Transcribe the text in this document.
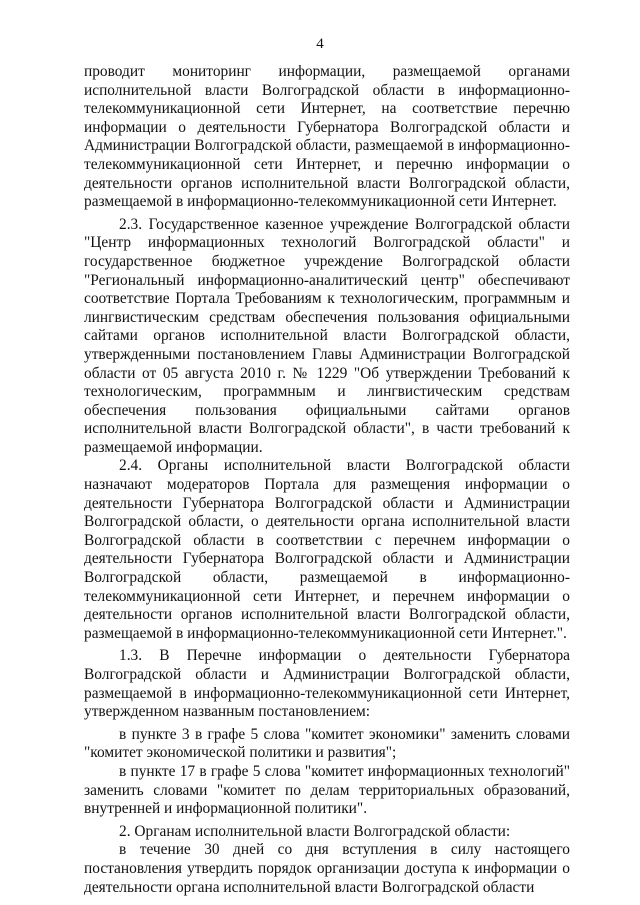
4

проводит мониторинг информации, размещаемой органами исполнительной власти Волгоградской области в информационно-телекоммуникационной сети Интернет, на соответствие перечню информации о деятельности Губернатора Волгоградской области и Администрации Волгоградской области, размещаемой в информационно-телекоммуникационной сети Интернет, и перечню информации о деятельности органов исполнительной власти Волгоградской области, размещаемой в информационно-телекоммуникационной сети Интернет.

2.3. Государственное казенное учреждение Волгоградской области "Центр информационных технологий Волгоградской области" и государственное бюджетное учреждение Волгоградской области "Региональный информационно-аналитический центр" обеспечивают соответствие Портала Требованиям к технологическим, программным и лингвистическим средствам обеспечения пользования официальными сайтами органов исполнительной власти Волгоградской области, утвержденными постановлением Главы Администрации Волгоградской области от 05 августа 2010 г. № 1229 "Об утверждении Требований к технологическим, программным и лингвистическим средствам обеспечения пользования официальными сайтами органов исполнительной власти Волгоградской области", в части требований к размещаемой информации.

2.4. Органы исполнительной власти Волгоградской области назначают модераторов Портала для размещения информации о деятельности Губернатора Волгоградской области и Администрации Волгоградской области, о деятельности органа исполнительной власти Волгоградской области в соответствии с перечнем информации о деятельности Губернатора Волгоградской области и Администрации Волгоградской области, размещаемой в информационно-телекоммуникационной сети Интернет, и перечнем информации о деятельности органов исполнительной власти Волгоградской области, размещаемой в информационно-телекоммуникационной сети Интернет.".

1.3. В Перечне информации о деятельности Губернатора Волгоградской области и Администрации Волгоградской области, размещаемой в информационно-телекоммуникационной сети Интернет, утвержденном названным постановлением:

в пункте 3 в графе 5 слова "комитет экономики" заменить словами "комитет экономической политики и развития";

в пункте 17 в графе 5 слова "комитет информационных технологий" заменить словами "комитет по делам территориальных образований, внутренней и информационной политики".

2. Органам исполнительной власти Волгоградской области:

в течение 30 дней со дня вступления в силу настоящего постановления утвердить порядок организации доступа к информации о деятельности органа исполнительной власти Волгоградской области
